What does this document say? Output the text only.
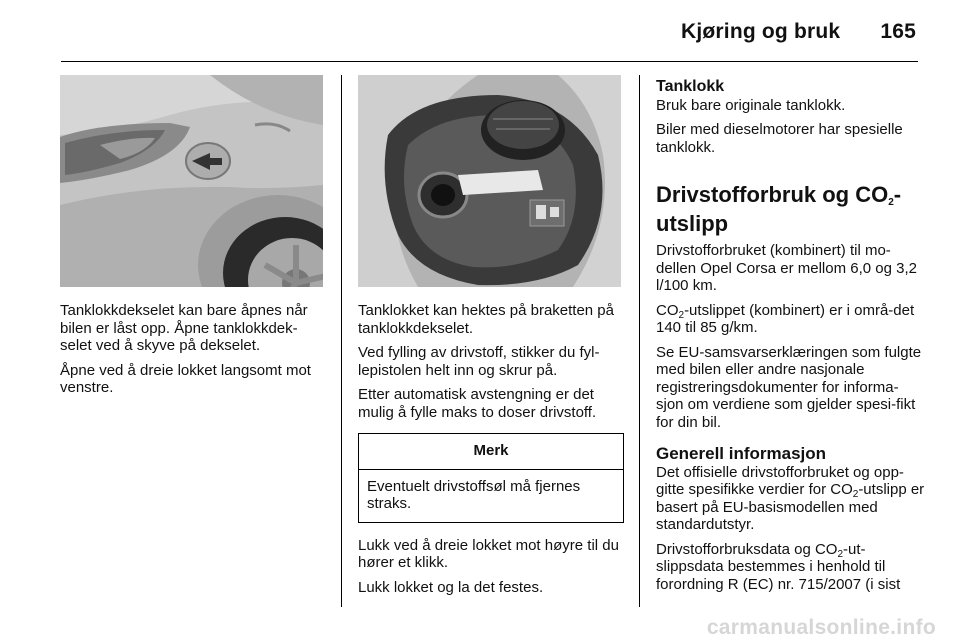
Kjøring og bruk 165

Tanklokkdekselet kan bare åpnes når bilen er låst opp. Åpne tanklokkdek-selet ved å skyve på dekselet.

Åpne ved å dreie lokket langsomt mot venstre.

Tanklokket kan hektes på braketten på tanklokkdekselet.

Ved fylling av drivstoff, stikker du fyl-lepistolen helt inn og skrur på.

Etter automatisk avstengning er det mulig å fylle maks to doser drivstoff.

Merk
Eventuelt drivstoffsøl må fjernes straks.

Lukk ved å dreie lokket mot høyre til du hører et klikk.

Lukk lokket og la det festes.

Tanklokk

Bruk bare originale tanklokk.

Biler med dieselmotorer har spesielle tanklokk.

Drivstofforbruk og $CO_2$-utslipp

Drivstofforbruket (kombinert) til mo-dellen Opel Corsa er mellom 6,0 og 3,2 l/100 km.

$CO_2$-utslippet (kombinert) er i områ-det 140 til 85 g/km.

Se EU-samsvarserklæringen som fulgte med bilen eller andre nasjonale registreringsdokumenter for informa-sjon om verdiene som gjelder spesi-fikt for din bil.

Generell informasjon

Det offisielle drivstofforbruket og opp-gitte spesifikke verdier for $CO_2$-utslipp er basert på EU-basismodellen med standardutstyr.

Drivstofforbruksdata og $CO_2-ut$-slippsdata bestemmes i henhold til forordning R (EC) nr. 715/2007 (i sist

carmanualsonline.info
